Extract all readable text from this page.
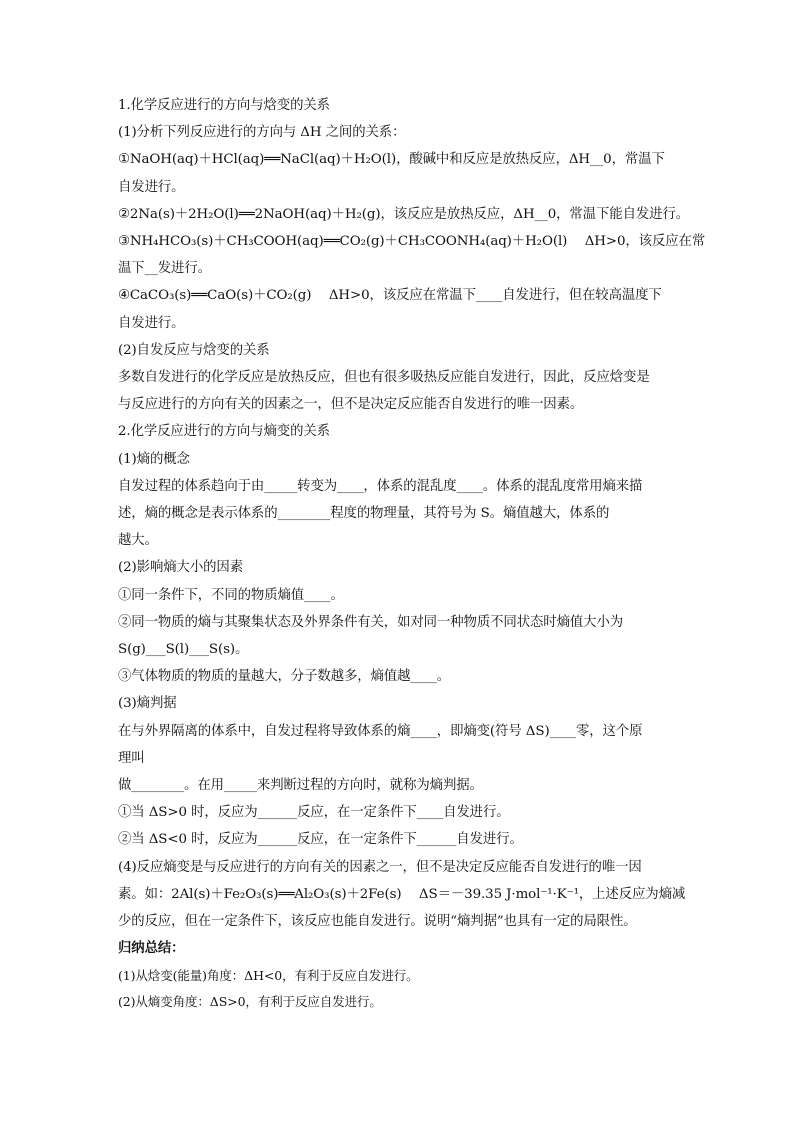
1.化学反应进行的方向与焓变的关系
(1)分析下列反应进行的方向与 ΔH 之间的关系：
①NaOH(aq)＋HCl(aq)══NaCl(aq)＋H₂O(l)，酸碱中和反应是放热反应，ΔH__0，常温下
自发进行。
②2Na(s)＋2H₂O(l)══2NaOH(aq)＋H₂(g)，该反应是放热反应，ΔH__0，常温下能自发进行。
③NH₄HCO₃(s)＋CH₃COOH(aq)══CO₂(g)＋CH₃COONH₄(aq)＋H₂O(l)　 ΔH>0，该反应在常
温下__发进行。
④CaCO₃(s)══CaO(s)＋CO₂(g)　 ΔH>0，该反应在常温下____自发进行，但在较高温度下
自发进行。
(2)自发反应与焓变的关系
多数自发进行的化学反应是放热反应，但也有很多吸热反应能自发进行，因此，反应焓变是
与反应进行的方向有关的因素之一，但不是决定反应能否自发进行的唯一因素。
2.化学反应进行的方向与熵变的关系
(1)熵的概念
自发过程的体系趋向于由_____转变为____，体系的混乱度____。体系的混乱度常用熵来描
述，熵的概念是表示体系的________程度的物理量，其符号为 S。熵值越大，体系的
越大。
(2)影响熵大小的因素
①同一条件下，不同的物质熵值____。
②同一物质的熵与其聚集状态及外界条件有关，如对同一种物质不同状态时熵值大小为
S(g)___S(l)___S(s)。
③气体物质的物质的量越大，分子数越多，熵值越____。
(3)熵判据
在与外界隔离的体系中，自发过程将导致体系的熵____，即熵变(符号 ΔS)____零，这个原
理叫
做________。在用_____来判断过程的方向时，就称为熵判据。
①当 ΔS>0 时，反应为______反应，在一定条件下____自发进行。
②当 ΔS<0 时，反应为______反应，在一定条件下______自发进行。
(4)反应熵变是与反应进行的方向有关的因素之一，但不是决定反应能否自发进行的唯一因
素。如：2Al(s)＋Fe₂O₃(s)══Al₂O₃(s)＋2Fe(s)　 ΔS＝－39.35 J·mol⁻¹·K⁻¹，上述反应为熵减
少的反应，但在一定条件下，该反应也能自发进行。说明“熵判据”也具有一定的局限性。
归纳总结：
(1)从焓变(能量)角度：ΔH<0，有利于反应自发进行。
(2)从熵变角度：ΔS>0，有利于反应自发进行。
